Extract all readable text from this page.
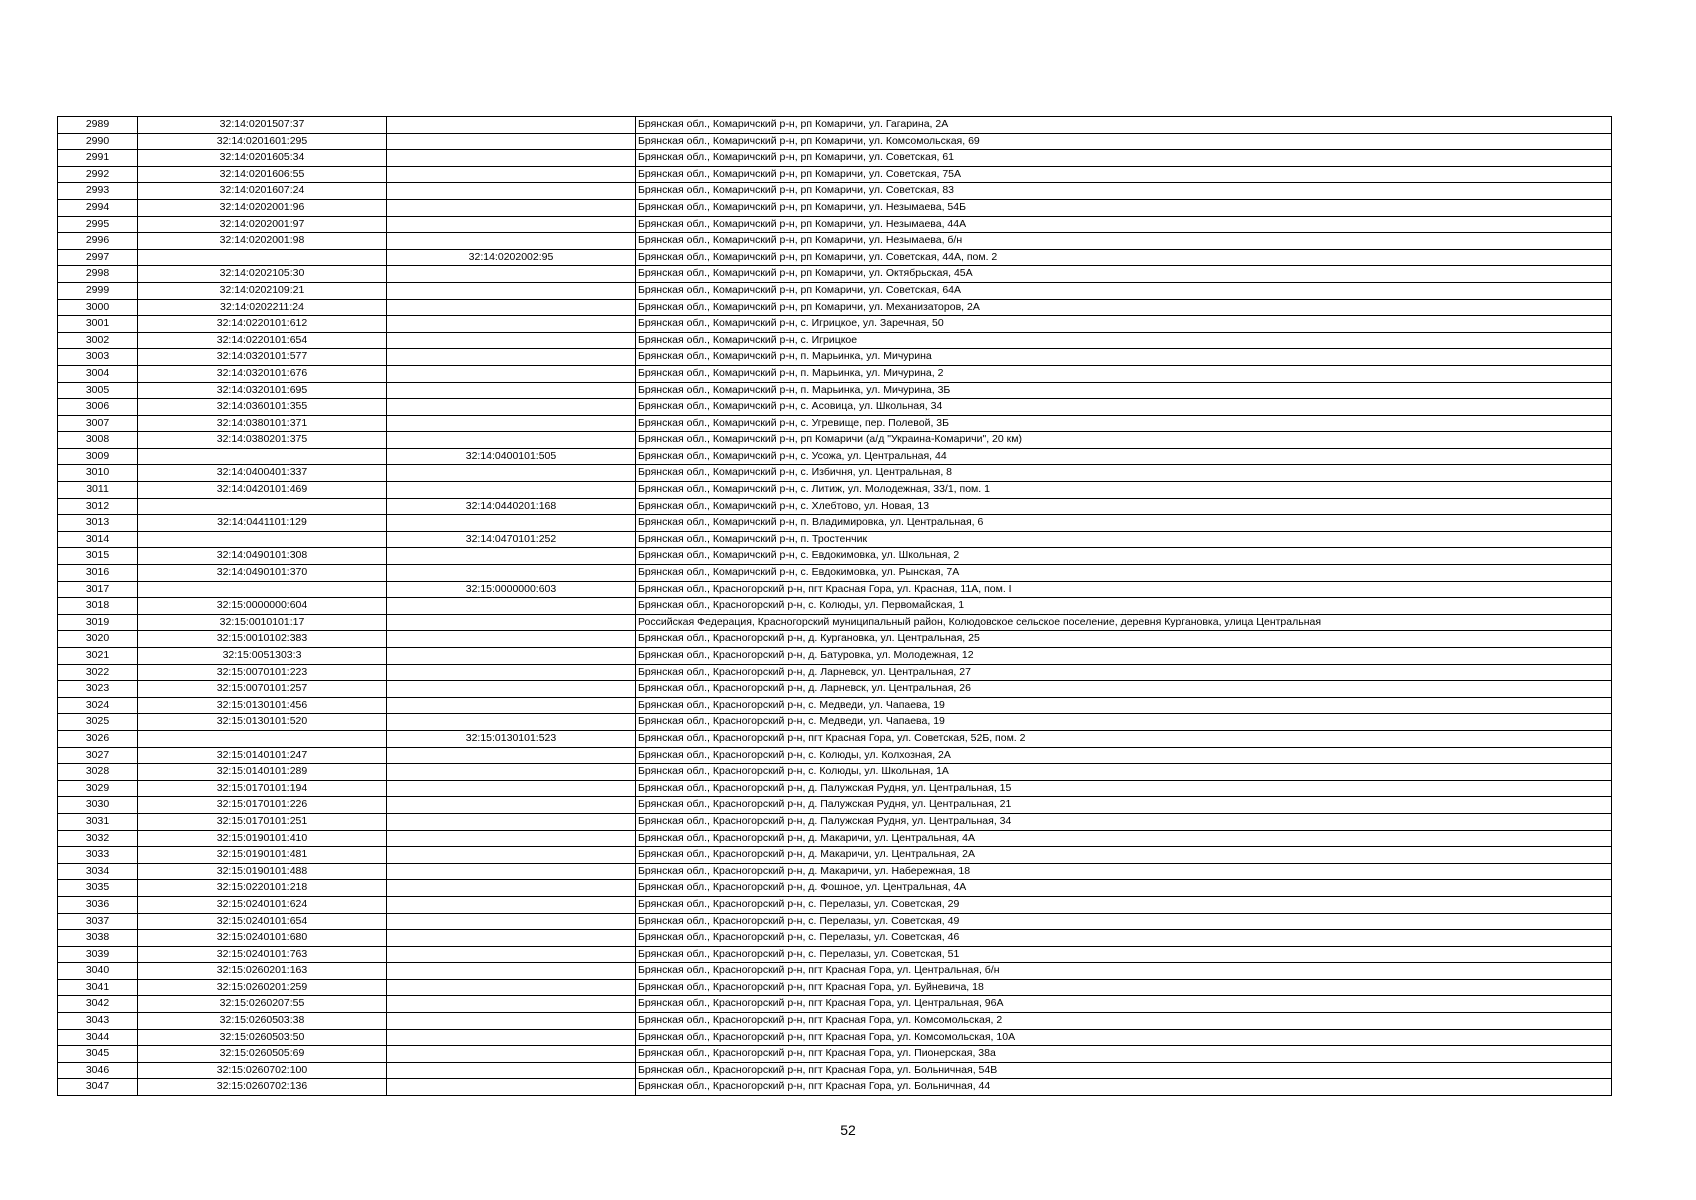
2989	32:14:0201507:37		Брянская обл., Комаричский р-н, рп Комаричи, ул. Гагарина, 2А
2990	32:14:0201601:295		Брянская обл., Комаричский р-н, рп Комаричи, ул. Комсомольская, 69
2991	32:14:0201605:34		Брянская обл., Комаричский р-н, рп Комаричи, ул. Советская, 61
2992	32:14:0201606:55		Брянская обл., Комаричский р-н, рп Комаричи, ул. Советская, 75А
2993	32:14:0201607:24		Брянская обл., Комаричский р-н, рп Комаричи, ул. Советская, 83
2994	32:14:0202001:96		Брянская обл., Комаричский р-н, рп Комаричи, ул. Незымаева, 54Б
2995	32:14:0202001:97		Брянская обл., Комаричский р-н, рп Комаричи, ул. Незымаева, 44А
2996	32:14:0202001:98		Брянская обл., Комаричский р-н, рп Комаричи, ул. Незымаева, б/н
2997		32:14:0202002:95	Брянская обл., Комаричский р-н, рп Комаричи, ул. Советская, 44А, пом. 2
2998	32:14:0202105:30		Брянская обл., Комаричский р-н, рп Комаричи, ул. Октябрьская, 45А
2999	32:14:0202109:21		Брянская обл., Комаричский р-н, рп Комаричи, ул. Советская, 64А
3000	32:14:0202211:24		Брянская обл., Комаричский р-н, рп Комаричи, ул. Механизаторов, 2А
3001	32:14:0220101:612		Брянская обл., Комаричский р-н, с. Игрицкое, ул. Заречная, 50
3002	32:14:0220101:654		Брянская обл., Комаричский р-н, с. Игрицкое
3003	32:14:0320101:577		Брянская обл., Комаричский р-н, п. Марьинка, ул. Мичурина
3004	32:14:0320101:676		Брянская обл., Комаричский р-н, п. Марьинка, ул. Мичурина, 2
3005	32:14:0320101:695		Брянская обл., Комаричский р-н, п. Марьинка, ул. Мичурина, 3Б
3006	32:14:0360101:355		Брянская обл., Комаричский р-н, с. Асовица, ул. Школьная, 34
3007	32:14:0380101:371		Брянская обл., Комаричский р-н, с. Угревище, пер. Полевой, 3Б
3008	32:14:0380201:375		Брянская обл., Комаричский р-н, рп Комаричи (а/д "Украина-Комаричи", 20 км)
3009		32:14:0400101:505	Брянская обл., Комаричский р-н, с. Усожа, ул. Центральная, 44
3010	32:14:0400401:337		Брянская обл., Комаричский р-н, с. Избичня, ул. Центральная, 8
3011	32:14:0420101:469		Брянская обл., Комаричский р-н, с. Литиж, ул. Молодежная, 33/1, пом. 1
3012		32:14:0440201:168	Брянская обл., Комаричский р-н, с. Хлебтово, ул. Новая, 13
3013	32:14:0441101:129		Брянская обл., Комаричский р-н, п. Владимировка, ул. Центральная, 6
3014		32:14:0470101:252	Брянская обл., Комаричский р-н, п. Тростенчик
3015	32:14:0490101:308		Брянская обл., Комаричский р-н, с. Евдокимовка, ул. Школьная, 2
3016	32:14:0490101:370		Брянская обл., Комаричский р-н, с. Евдокимовка, ул. Рынская, 7А
3017		32:15:0000000:603	Брянская обл., Красногорский р-н, пгт Красная Гора, ул. Красная, 11А, пом. I
3018	32:15:0000000:604		Брянская обл., Красногорский р-н, с. Колюды, ул. Первомайская, 1
3019	32:15:0010101:17		Российская Федерация, Красногорский муниципальный район, Колюдовское сельское поселение, деревня Кургановка, улица Центральная
3020	32:15:0010102:383		Брянская обл., Красногорский р-н, д. Кургановка, ул. Центральная, 25
3021	32:15:0051303:3		Брянская обл., Красногорский р-н, д. Батуровка, ул. Молодежная, 12
3022	32:15:0070101:223		Брянская обл., Красногорский р-н, д. Ларневск, ул. Центральная, 27
3023	32:15:0070101:257		Брянская обл., Красногорский р-н, д. Ларневск, ул. Центральная, 26
3024	32:15:0130101:456		Брянская обл., Красногорский р-н, с. Медведи, ул. Чапаева, 19
3025	32:15:0130101:520		Брянская обл., Красногорский р-н, с. Медведи, ул. Чапаева, 19
3026		32:15:0130101:523	Брянская обл., Красногорский р-н, пгт Красная Гора, ул. Советская, 52Б, пом. 2
3027	32:15:0140101:247		Брянская обл., Красногорский р-н, с. Колюды, ул. Колхозная, 2А
3028	32:15:0140101:289		Брянская обл., Красногорский р-н, с. Колюды, ул. Школьная, 1А
3029	32:15:0170101:194		Брянская обл., Красногорский р-н, д. Палужская Рудня, ул. Центральная, 15
3030	32:15:0170101:226		Брянская обл., Красногорский р-н, д. Палужская Рудня, ул. Центральная, 21
3031	32:15:0170101:251		Брянская обл., Красногорский р-н, д. Палужская Рудня, ул. Центральная, 34
3032	32:15:0190101:410		Брянская обл., Красногорский р-н, д. Макаричи, ул. Центральная, 4А
3033	32:15:0190101:481		Брянская обл., Красногорский р-н, д. Макаричи, ул. Центральная, 2А
3034	32:15:0190101:488		Брянская обл., Красногорский р-н, д. Макаричи, ул. Набережная, 18
3035	32:15:0220101:218		Брянская обл., Красногорский р-н, д. Фошное, ул. Центральная, 4А
3036	32:15:0240101:624		Брянская обл., Красногорский р-н, с. Перелазы, ул. Советская, 29
3037	32:15:0240101:654		Брянская обл., Красногорский р-н, с. Перелазы, ул. Советская, 49
3038	32:15:0240101:680		Брянская обл., Красногорский р-н, с. Перелазы, ул. Советская, 46
3039	32:15:0240101:763		Брянская обл., Красногорский р-н, с. Перелазы, ул. Советская, 51
3040	32:15:0260201:163		Брянская обл., Красногорский р-н, пгт Красная Гора, ул. Центральная, б/н
3041	32:15:0260201:259		Брянская обл., Красногорский р-н, пгт Красная Гора, ул. Буйневича, 18
3042	32:15:0260207:55		Брянская обл., Красногорский р-н, пгт Красная Гора, ул. Центральная, 96А
3043	32:15:0260503:38		Брянская обл., Красногорский р-н, пгт Красная Гора, ул. Комсомольская, 2
3044	32:15:0260503:50		Брянская обл., Красногорский р-н, пгт Красная Гора, ул. Комсомольская, 10А
3045	32:15:0260505:69		Брянская обл., Красногорский р-н, пгт Красная Гора, ул. Пионерская, 38а
3046	32:15:0260702:100		Брянская обл., Красногорский р-н, пгт Красная Гора, ул. Больничная, 54В
3047	32:15:0260702:136		Брянская обл., Красногорский р-н, пгт Красная Гора, ул. Больничная, 44
52
